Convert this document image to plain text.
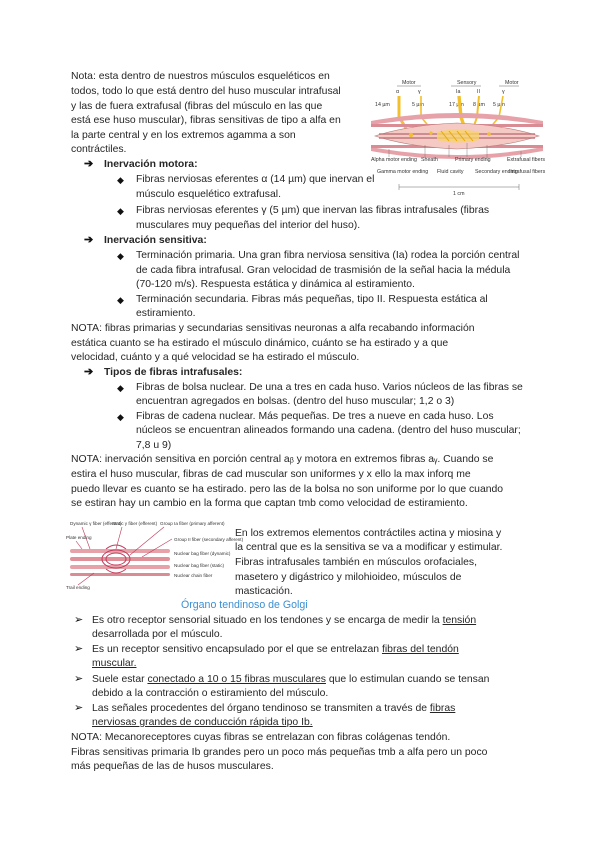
Motor	Sensory	Motor
α	γ	Ia	II	γ
14 µm	5 µm	17 µm 8 µm 5 µm
Alpha motor ending
Gamma motor ending
Sheath
Fluid cavity
Primary ending
Secondary ending
Extrafusal fibers
Intrafusal fibers
1 cm
Nota: esta dentro de nuestros músculos esqueléticos en
todos, todo lo que está dentro del huso muscular intrafusal
y las de fuera extrafusal (fibras del músculo en las que
está ese huso muscular), fibras sensitivas de tipo a alfa en
la parte central y en los extremos agamma a son
contráctiles.
➔ Inervación motora:
◆ Fibras nerviosas eferentes α (14 µm) que inervan el
músculo esquelético extrafusal.
◆ Fibras nerviosas eferentes γ (5 µm) que inervan las fibras intrafusales (fibras
musculares muy pequeñas del interior del huso).
➔ Inervación sensitiva:
◆ Terminación primaria. Una gran fibra nerviosa sensitiva (Ia) rodea la porción central
de cada fibra intrafusal. Gran velocidad de trasmisión de la señal hacia la médula
(70-120 m/s). Respuesta estática y dinámica al estiramiento.
◆ Terminación secundaria. Fibras más pequeñas, tipo II. Respuesta estática al
estiramiento.
NOTA: fibras primarias y secundarias sensitivas neuronas a alfa recabando información
estática cuanto se ha estirado el músculo dinámico, cuánto se ha estirado y a que
velocidad, cuánto y a qué velocidad se ha estirado el músculo.
➔ Tipos de fibras intrafusales:
◆ Fibras de bolsa nuclear. De una a tres en cada huso. Varios núcleos de las fibras se
encuentran agregados en bolsas. (dentro del huso muscular; 1,2 o 3)
◆ Fibras de cadena nuclear. Más pequeñas. De tres a nueve en cada huso. Los
núcleos se encuentran alineados formando una cadena. (dentro del huso muscular;
7,8 u 9)
NOTA: inervación sensitiva en porción central aᵦ y motora en extremos fibras aᵧ. Cuando se
estira el huso muscular, fibras de cad muscular son uniformes y x ello la max inforq me
puedo llevar es cuanto se ha estirado. pero las de la bolsa no son uniforme por lo que cuando
se estiran hay un cambio en la forma que captan tmb como velocidad de estiramiento.
Dynamic γ fiber (efferent)
Static γ fiber (efferent) Group Ia fiber (primary afferent)
Plate ending	Group II fiber (secondary afferent)
Nuclear bag fiber (dynamic)
Nuclear bag fiber (static)
Nuclear chain fiber
Trail ending
En los extremos elementos contráctiles actina y miosina y
la central que es la sensitiva se va a modificar y estimular.
Fibras intrafusales también en músculos orofaciales,
masetero y digástrico y milohioideo, músculos de
masticación.
Órgano tendinoso de Golgi
➢ Es otro receptor sensorial situado en los tendones y se encarga de medir la tensión
desarrollada por el músculo.
➢ Es un receptor sensitivo encapsulado por el que se entrelazan fibras del tendón
muscular.
➢ Suele estar conectado a 10 o 15 fibras musculares que lo estimulan cuando se tensan
debido a la contracción o estiramiento del músculo.
➢ Las señales procedentes del órgano tendinoso se transmiten a través de fibras
nerviosas grandes de conducción rápida tipo Ib.
NOTA: Mecanoreceptores cuyas fibras se entrelazan con fibras colágenas tendón.
Fibras sensitivas primaria Ib grandes pero un poco más pequeñas tmb a alfa pero un poco
más pequeñas de las de husos musculares.
